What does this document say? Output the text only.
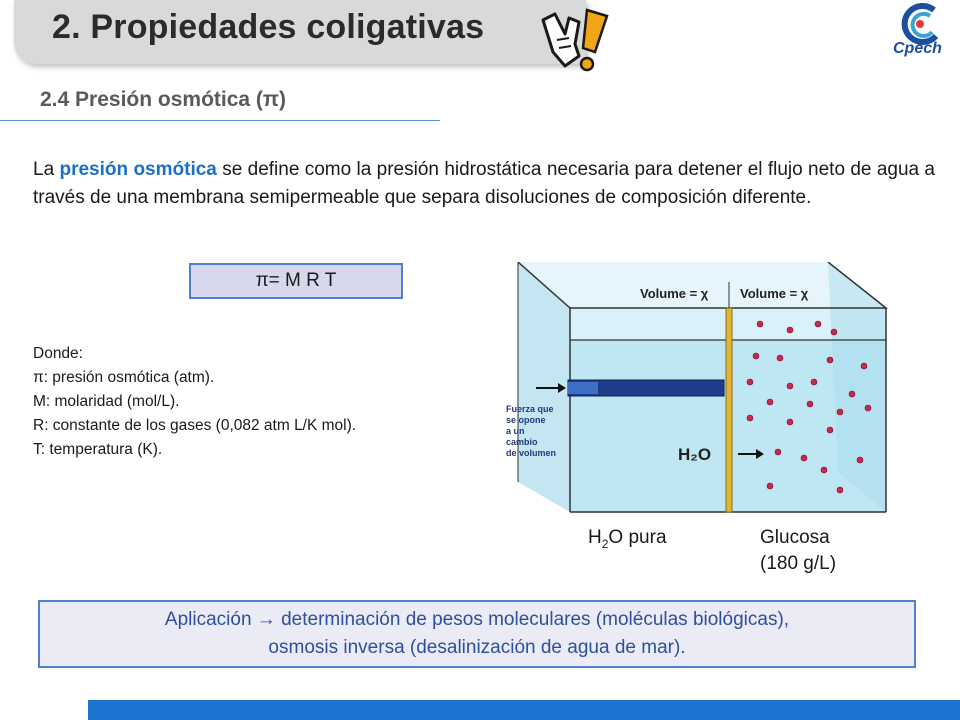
2. Propiedades coligativas
Cpech
2.4 Presión osmótica (π)
La presión osmótica se define como la presión hidrostática necesaria para detener el flujo neto de agua a través de una membrana semipermeable que separa disoluciones de composición diferente.
π= M R T
Donde:
π: presión osmótica (atm).
M: molaridad (mol/L).
R: constante de los gases (0,082 atm L/K mol).
T: temperatura (K).
Volume = χ Volume = χ
Fuerza que
se opone
a un
cambio
de volumen	H₂O
$H_2O$ pura	Glucosa
(180 g/L)
Aplicación → determinación de pesos moleculares (moléculas biológicas),
osmosis inversa (desalinización de agua de mar).
